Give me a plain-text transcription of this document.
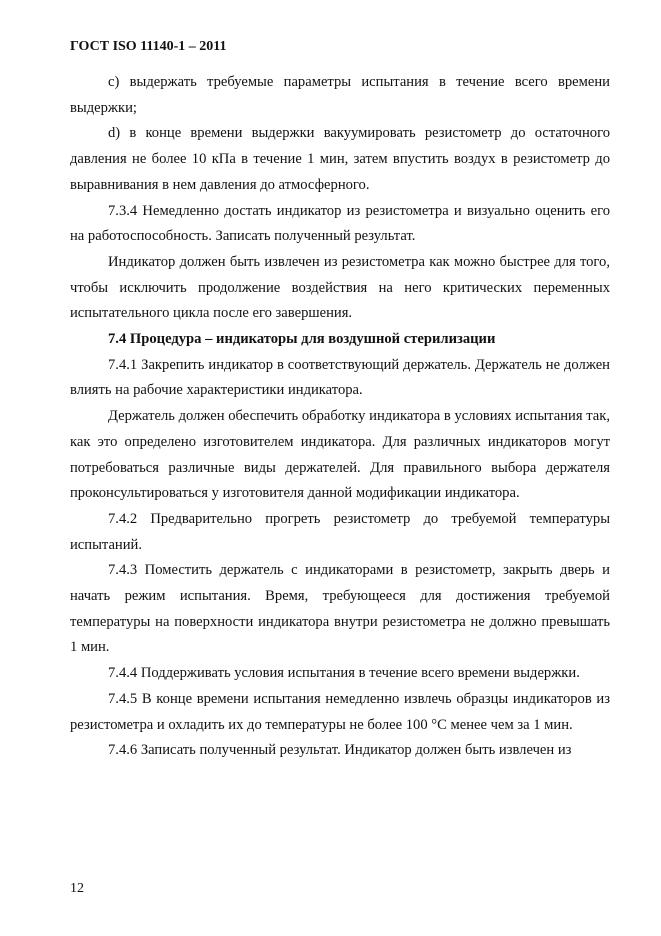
ГОСТ ISO 11140-1 – 2011

c) выдержать требуемые параметры испытания в течение всего времени выдержки;

d) в конце времени выдержки вакуумировать резистометр до остаточного давления не более 10 кПа в течение 1 мин, затем впустить воздух в резистометр до выравнивания в нем давления до атмосферного.

7.3.4 Немедленно достать индикатор из резистометра и визуально оценить его на работоспособность. Записать полученный результат.

Индикатор должен быть извлечен из резистометра как можно быстрее для того, чтобы исключить продолжение воздействия на него критических переменных испытательного цикла после его завершения.

7.4 Процедура – индикаторы для воздушной стерилизации

7.4.1 Закрепить индикатор в соответствующий держатель. Держатель не должен влиять на рабочие характеристики индикатора.

Держатель должен обеспечить обработку индикатора в условиях испытания так, как это определено изготовителем индикатора. Для различных индикаторов могут потребоваться различные виды держателей. Для правильного выбора держателя проконсультироваться у изготовителя данной модификации индикатора.

7.4.2 Предварительно прогреть резистометр до требуемой температуры испытаний.

7.4.3 Поместить держатель с индикаторами в резистометр, закрыть дверь и начать режим испытания. Время, требующееся для достижения требуемой температуры на поверхности индикатора внутри резистометра не должно превышать 1 мин.

7.4.4 Поддерживать условия испытания в течение всего времени выдержки.

7.4.5 В конце времени испытания немедленно извлечь образцы индикаторов из резистометра и охладить их до температуры не более 100 °С менее чем за 1 мин.

7.4.6 Записать полученный результат. Индикатор должен быть извлечен из

12
